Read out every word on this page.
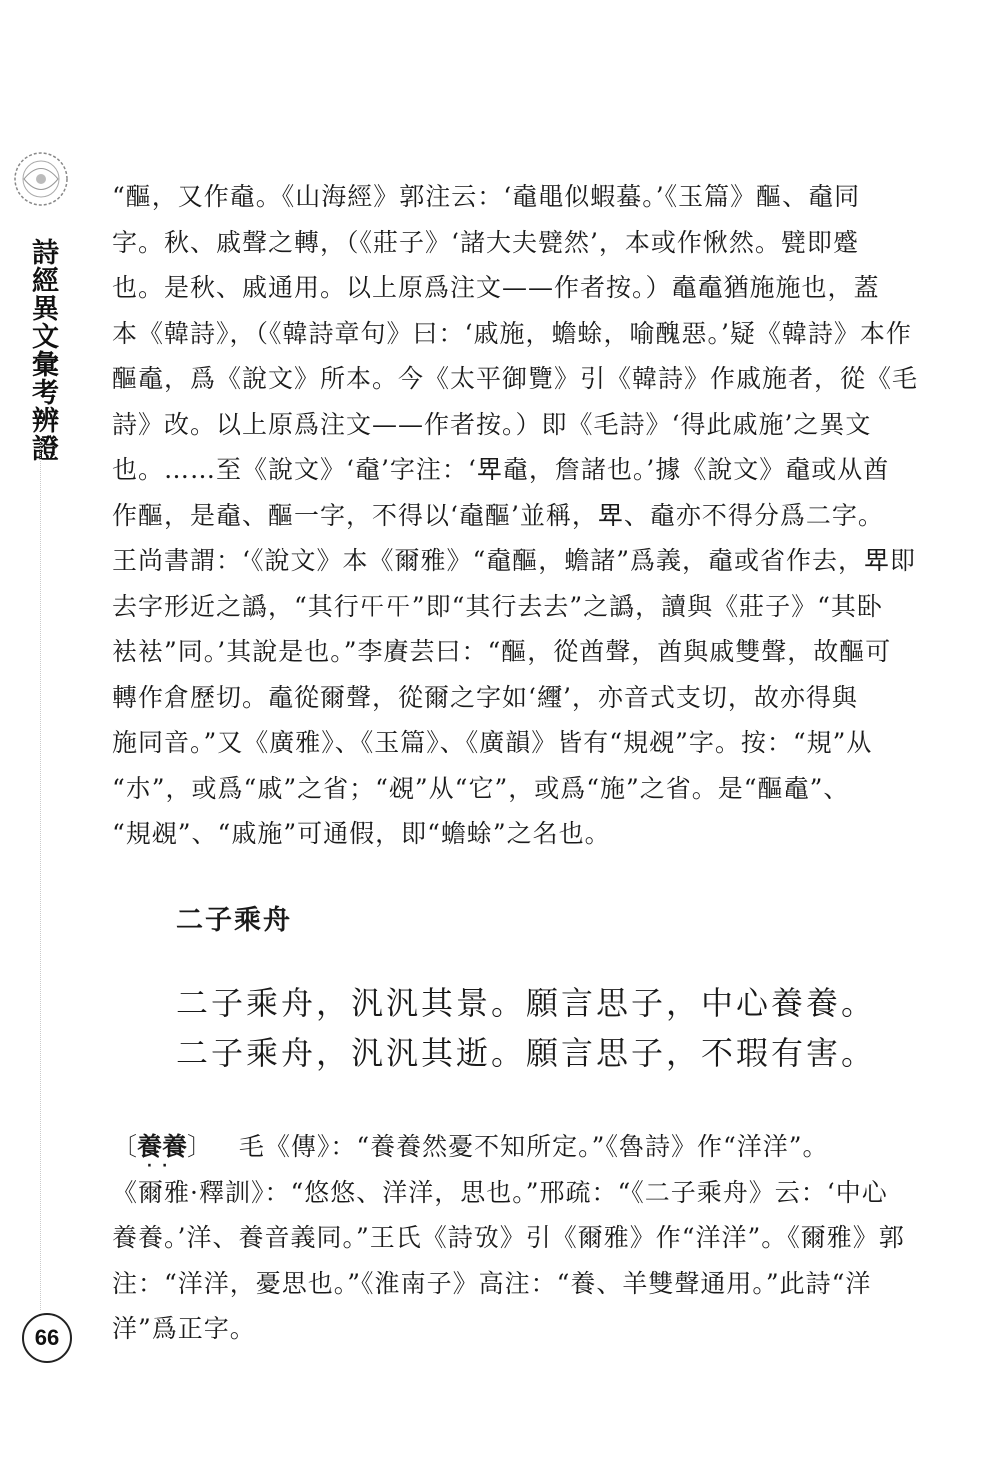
詩經異文彙考辨證
66
“醧，又作鼀。《山海經》郭注云：‘鼀黽似蝦蟇。’《玉篇》醧、鼀同
字。秋、戚聲之轉，（《莊子》‘諸大夫甓然’，本或作愀然。甓即蹙
也。是秋、戚通用。以上原爲注文——作者按。）鼁鼁猶施施也，蓋
本《韓詩》，（《韓詩章句》曰：‘戚施，蟾蜍，喻醜惡。’疑《韓詩》本作
醧鼁，爲《說文》所本。今《太平御覽》引《韓詩》作戚施者，從《毛
詩》改。以上原爲注文——作者按。）即《毛詩》‘得此戚施’之異文
也。……至《說文》‘鼀’字注：‘𤰞鼀，詹諸也。’據《說文》鼀或从酋
作醧，是鼀、醧一字，不得以‘鼀醧’並稱，𤰞、鼀亦不得分爲二字。
王尚書謂：‘《說文》本《爾雅》“鼀醧，蟾諸”爲義，鼀或省作去，𤰞即
去字形近之譌，“其行𡕒𡕒”即“其行去去”之譌，讀與《莊子》“其卧
袪袪”同。’其說是也。”李賡芸曰：“醧，從酋聲，酋與戚雙聲，故醧可
轉作倉歷切。鼁從爾聲，從爾之字如‘䌳’，亦音式支切，故亦得與
施同音。”又《廣雅》、《玉篇》、《廣韻》皆有“規覕”字。按：“規”从
“朩”，或爲“戚”之省；“覕”从“它”，或爲“施”之省。是“醧鼁”、
“規覕”、“戚施”可通假，即“蟾蜍”之名也。
二子乘舟
二子乘舟，汎汎其景。願言思子，中心養養。
二子乘舟，汎汎其逝。願言思子，不瑕有害。
〔養養
··
〕 毛《傳》：“養養然憂不知所定。”《魯詩》作“洋洋”。
《爾雅·釋訓》：“悠悠、洋洋，思也。”邢疏：“《二子乘舟》云：‘中心
養養。’洋、養音義同。”王氏《詩攷》引《爾雅》作“洋洋”。《爾雅》郭
注：“洋洋，憂思也。”《淮南子》高注：“養、羊雙聲通用。”此詩“洋
洋”爲正字。
